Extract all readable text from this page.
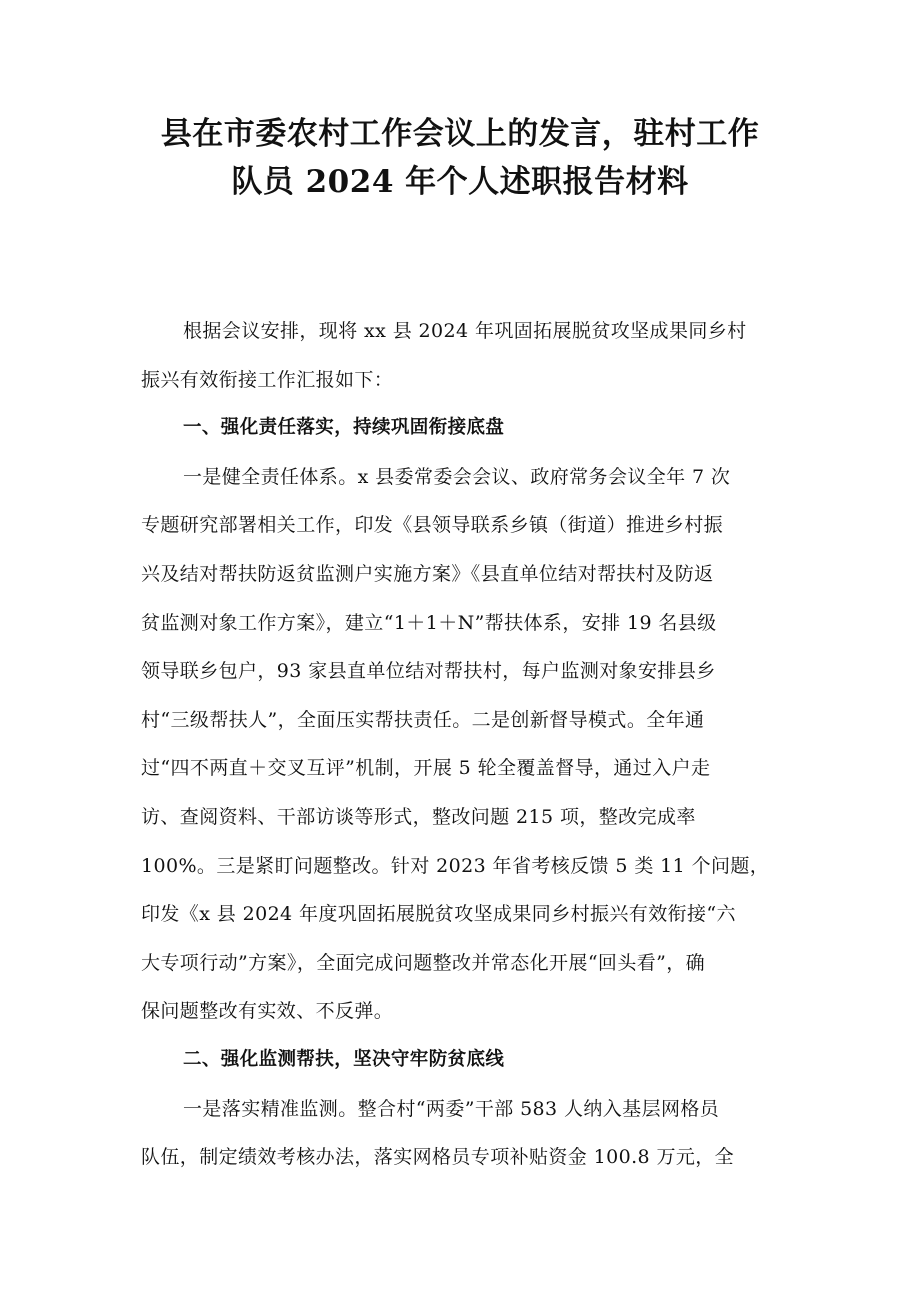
县在市委农村工作会议上的发言，驻村工作
队员 2024 年个人述职报告材料
根据会议安排，现将 xx 县 2024 年巩固拓展脱贫攻坚成果同乡村
振兴有效衔接工作汇报如下：
一、强化责任落实，持续巩固衔接底盘
一是健全责任体系。x 县委常委会会议、政府常务会议全年 7 次
专题研究部署相关工作，印发《县领导联系乡镇（街道）推进乡村振
兴及结对帮扶防返贫监测户实施方案》《县直单位结对帮扶村及防返
贫监测对象工作方案》，建立“1＋1＋N”帮扶体系，安排 19 名县级
领导联乡包户，93 家县直单位结对帮扶村，每户监测对象安排县乡
村“三级帮扶人”，全面压实帮扶责任。二是创新督导模式。全年通
过“四不两直＋交叉互评”机制，开展 5 轮全覆盖督导，通过入户走
访、查阅资料、干部访谈等形式，整改问题 215 项，整改完成率
100%。三是紧盯问题整改。针对 2023 年省考核反馈 5 类 11 个问题，
印发《x 县 2024 年度巩固拓展脱贫攻坚成果同乡村振兴有效衔接“六
大专项行动”方案》，全面完成问题整改并常态化开展“回头看”，确
保问题整改有实效、不反弹。
二、强化监测帮扶，坚决守牢防贫底线
一是落实精准监测。整合村“两委”干部 583 人纳入基层网格员
队伍，制定绩效考核办法，落实网格员专项补贴资金 100.8 万元，全
